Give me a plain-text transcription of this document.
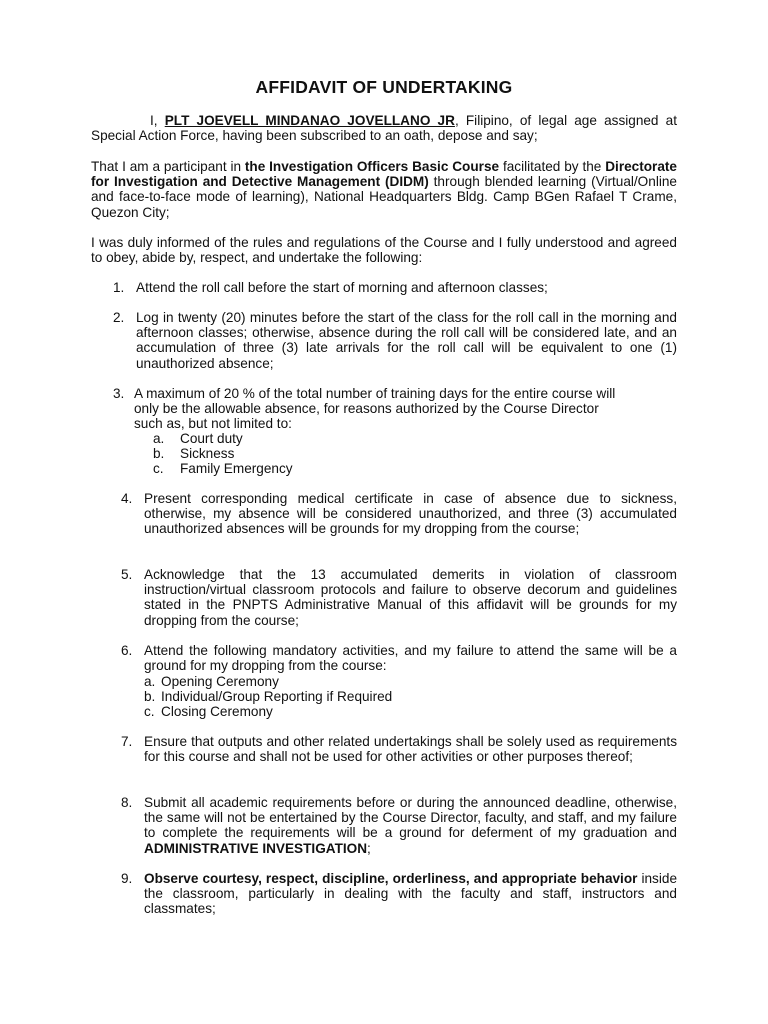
AFFIDAVIT OF UNDERTAKING
I, PLT JOEVELL MINDANAO JOVELLANO JR, Filipino, of legal age assigned at Special Action Force, having been subscribed to an oath, depose and say;
That I am a participant in the Investigation Officers Basic Course facilitated by the Directorate for Investigation and Detective Management (DIDM) through blended learning (Virtual/Online and face-to-face mode of learning), National Headquarters Bldg. Camp BGen Rafael T Crame, Quezon City;
I was duly informed of the rules and regulations of the Course and I fully understood and agreed to obey, abide by, respect, and undertake the following:
1. Attend the roll call before the start of morning and afternoon classes;
2. Log in twenty (20) minutes before the start of the class for the roll call in the morning and afternoon classes; otherwise, absence during the roll call will be considered late, and an accumulation of three (3) late arrivals for the roll call will be equivalent to one (1) unauthorized absence;
3. A maximum of 20 % of the total number of training days for the entire course will
only be the allowable absence, for reasons authorized by the Course Director
such as, but not limited to:
a. Court duty
b. Sickness
c. Family Emergency
4. Present corresponding medical certificate in case of absence due to sickness, otherwise, my absence will be considered unauthorized, and three (3) accumulated unauthorized absences will be grounds for my dropping from the course;
5. Acknowledge that the 13 accumulated demerits in violation of classroom instruction/virtual classroom protocols and failure to observe decorum and guidelines stated in the PNPTS Administrative Manual of this affidavit will be grounds for my dropping from the course;
6. Attend the following mandatory activities, and my failure to attend the same will be a ground for my dropping from the course:
a. Opening Ceremony
b. Individual/Group Reporting if Required
c. Closing Ceremony
7. Ensure that outputs and other related undertakings shall be solely used as requirements for this course and shall not be used for other activities or other purposes thereof;
8. Submit all academic requirements before or during the announced deadline, otherwise, the same will not be entertained by the Course Director, faculty, and staff, and my failure to complete the requirements will be a ground for deferment of my graduation and ADMINISTRATIVE INVESTIGATION;
9. Observe courtesy, respect, discipline, orderliness, and appropriate behavior inside the classroom, particularly in dealing with the faculty and staff, instructors and classmates;
